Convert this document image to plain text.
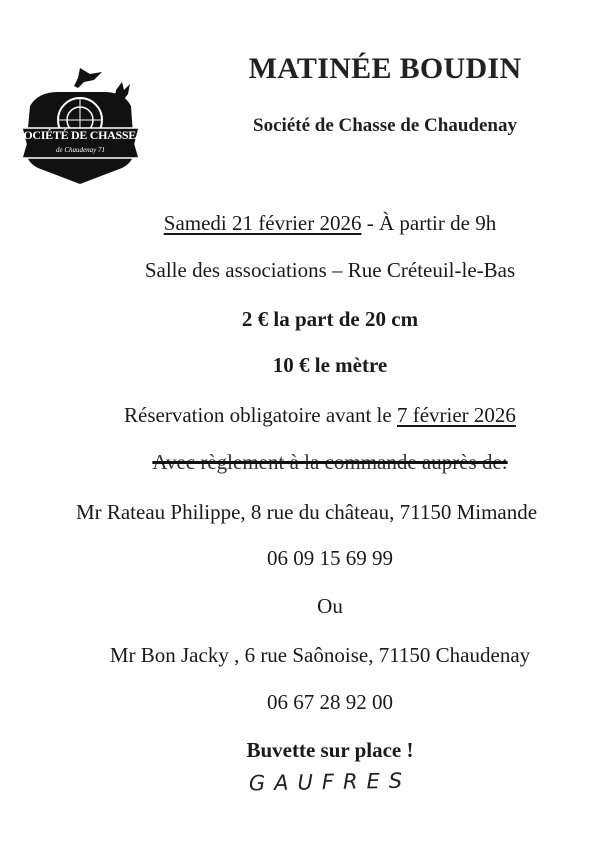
SOCIÉTÉ DE CHASSE
de Chaudenay 71
MATINÉE BOUDIN
Société de Chasse de Chaudenay
Samedi 21 février 2026 - À partir de 9h
Salle des associations – Rue Créteuil-le-Bas
2 € la part de 20 cm
10 € le mètre
Réservation obligatoire avant le 7 février 2026
Avec règlement à la commande auprès de:
Mr Rateau Philippe, 8 rue du château, 71150 Mimande
06 09 15 69 99
Ou
Mr Bon Jacky , 6 rue Saônoise, 71150 Chaudenay
06 67 28 92 00
Buvette sur place !
GAUFRES
